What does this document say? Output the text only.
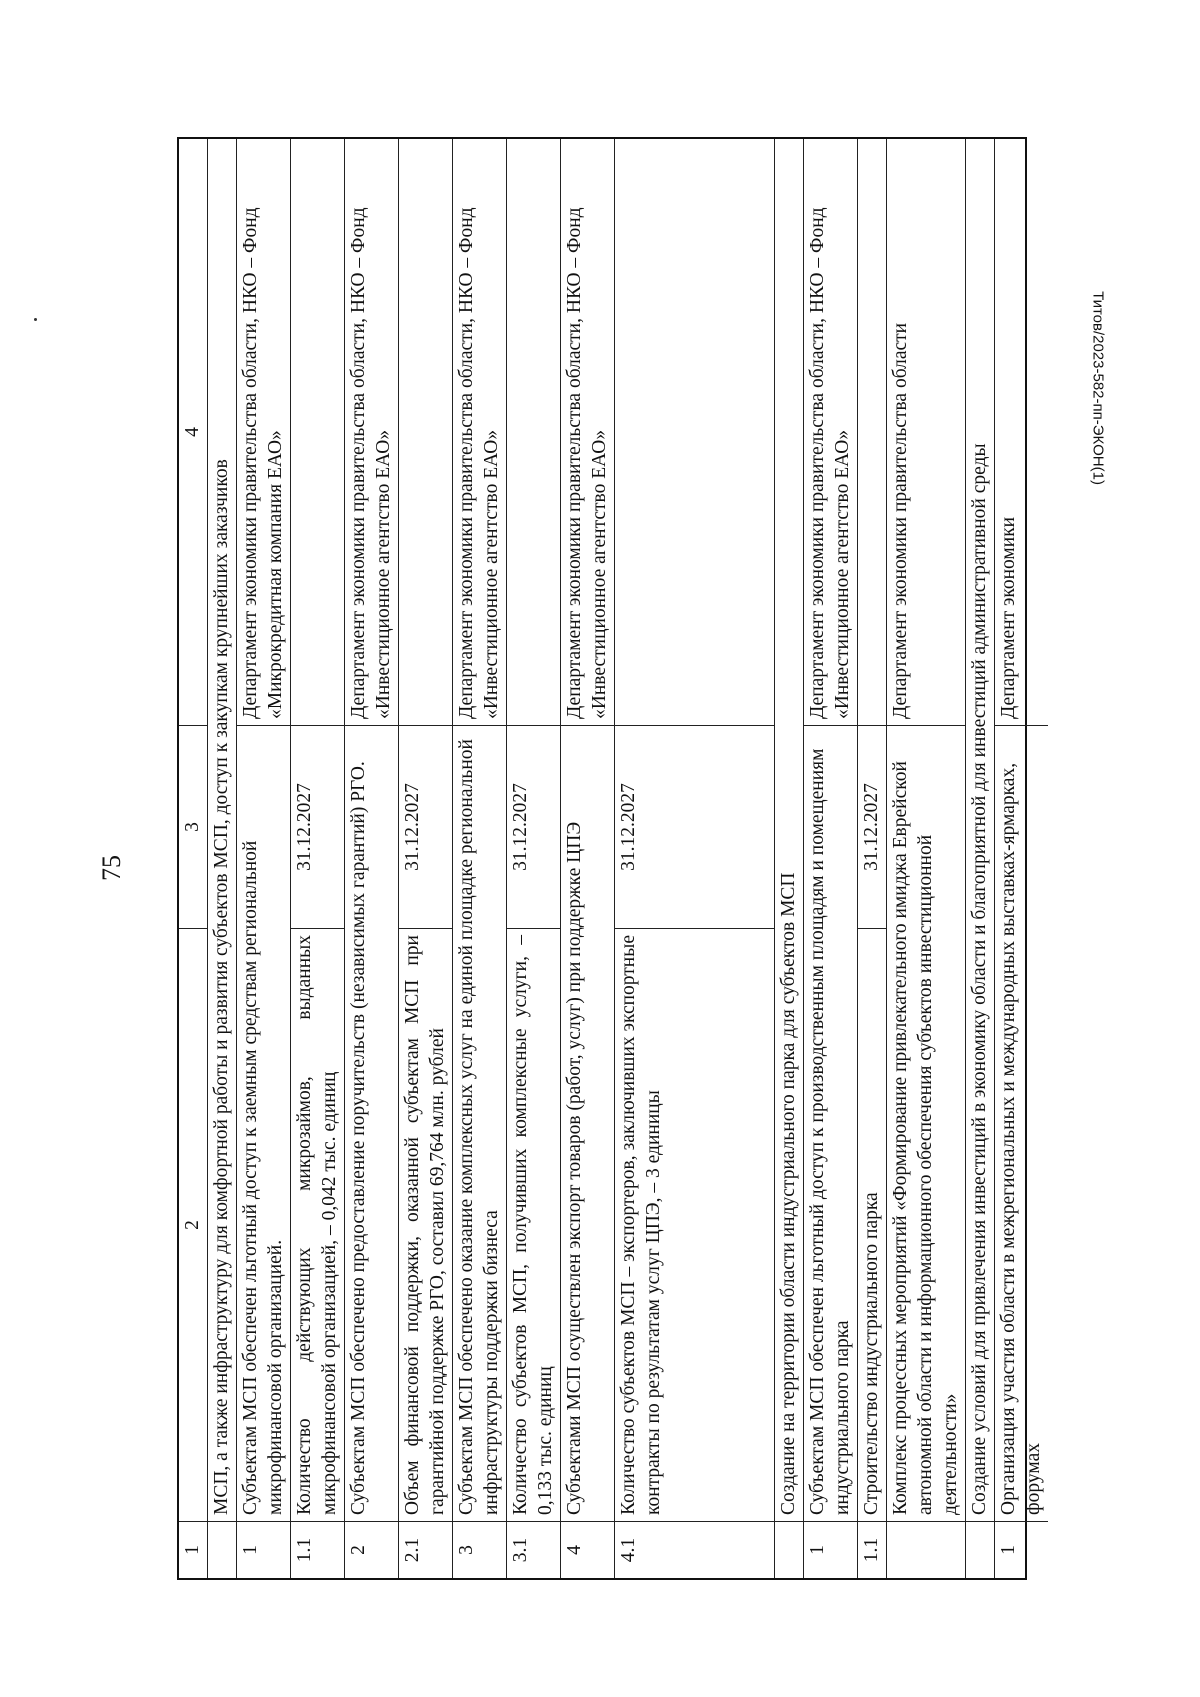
75
1
2
3
4
МСП, а также инфраструктуру для комфортной работы и развития субъектов МСП, доступ к закупкам крупнейших заказчиков
1
Субъектам МСП обеспечен льготный доступ к заемным средствам региональной микрофинансовой организацией.
Департамент экономики правительства области, НКО – Фонд «Микрокредитная компания ЕАО»
1.1
Количество действующих микрозаймов, выданных микрофинансовой организацией, – 0,042 тыс. единиц
31.12.2027
2
Субъектам МСП обеспечено предоставление поручительств (независимых гарантий) РГО.
Департамент экономики правительства области, НКО – Фонд «Инвестиционное агентство ЕАО»
2.1
Объем финансовой поддержки, оказанной субъектам МСП при гарантийной поддержке РГО, составил 69,764 млн. рублей
31.12.2027
3
Субъектам МСП обеспечено оказание комплексных услуг на единой площадке региональной инфраструктуры поддержки бизнеса
Департамент экономики правительства области, НКО – Фонд «Инвестиционное агентство ЕАО»
3.1
Количество субъектов МСП, получивших комплексные услуги, – 0,133 тыс. единиц
31.12.2027
4
Субъектами МСП осуществлен экспорт товаров (работ, услуг) при поддержке ЦПЭ
Департамент экономики правительства области, НКО – Фонд «Инвестиционное агентство ЕАО»
4.1
Количество субъектов МСП – экспортеров, заключивших экспортные контракты по результатам услуг ЦПЭ, – 3 единицы
31.12.2027
Создание на территории области индустриального парка для субъектов МСП
1
Субъектам МСП обеспечен льготный доступ к производственным площадям и помещениям индустриального парка
Департамент экономики правительства области, НКО – Фонд «Инвестиционное агентство ЕАО»
1.1
Строительство индустриального парка
31.12.2027 Комплекс процессных мероприятий «Формирование привлекательного имиджа Еврейской автономной области и информационного обеспечения субъектов инвестиционной деятельности»
Департамент экономики правительства области	Создание условий для привлечения инвестиций в экономику области и благоприятной для инвестиций административной среды
1
Организация участия области в межрегиональных и международных выставках-ярмарках, форумах
Департамент экономики
Титов/2023-582-пп-ЭКОН(1)
